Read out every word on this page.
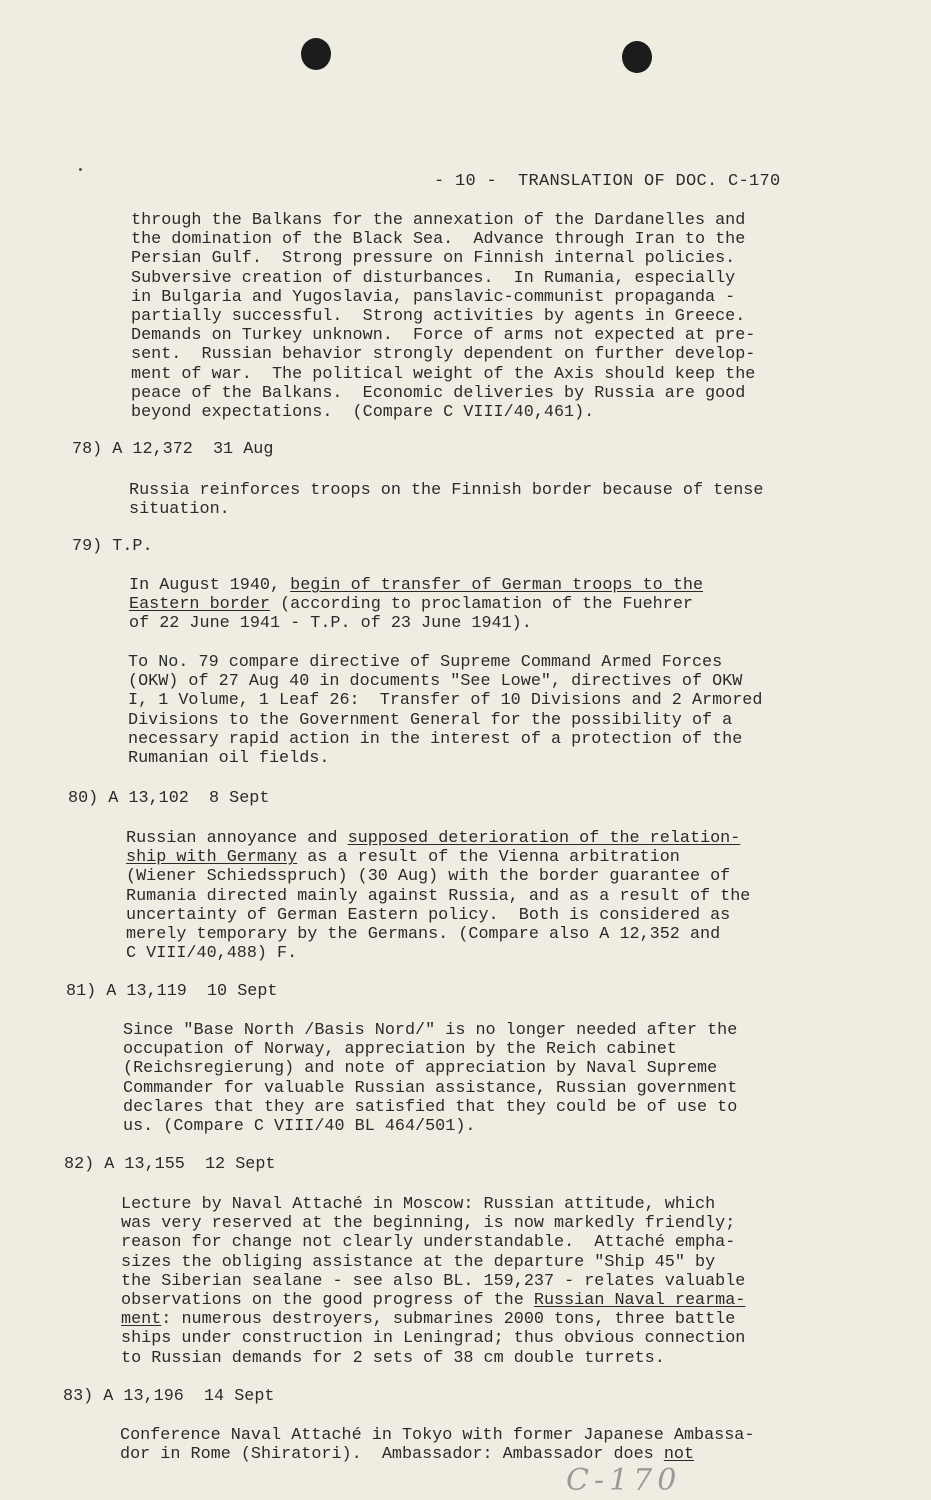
- 10 -  TRANSLATION OF DOC. C-170
through the Balkans for the annexation of the Dardanelles and
the domination of the Black Sea.  Advance through Iran to the
Persian Gulf.  Strong pressure on Finnish internal policies.
Subversive creation of disturbances.  In Rumania, especially
in Bulgaria and Yugoslavia, panslavic-communist propaganda -
partially successful.  Strong activities by agents in Greece.
Demands on Turkey unknown.  Force of arms not expected at pre-
sent.  Russian behavior strongly dependent on further develop-
ment of war.  The political weight of the Axis should keep the
peace of the Balkans.  Economic deliveries by Russia are good
beyond expectations.  (Compare C VIII/40,461).
78) A 12,372  31 Aug
Russia reinforces troops on the Finnish border because of tense
situation.
79) T.P.
In August 1940, begin of transfer of German troops to the
Eastern border (according to proclamation of the Fuehrer
of 22 June 1941 - T.P. of 23 June 1941).
To No. 79 compare directive of Supreme Command Armed Forces
(OKW) of 27 Aug 40 in documents "See Lowe", directives of OKW
I, 1 Volume, 1 Leaf 26:  Transfer of 10 Divisions and 2 Armored
Divisions to the Government General for the possibility of a
necessary rapid action in the interest of a protection of the
Rumanian oil fields.
80) A 13,102  8 Sept
Russian annoyance and supposed deterioration of the relation-
ship with Germany as a result of the Vienna arbitration
(Wiener Schiedsspruch) (30 Aug) with the border guarantee of
Rumania directed mainly against Russia, and as a result of the
uncertainty of German Eastern policy.  Both is considered as
merely temporary by the Germans. (Compare also A 12,352 and
C VIII/40,488) F.
81) A 13,119  10 Sept
Since "Base North /Basis Nord/" is no longer needed after the
occupation of Norway, appreciation by the Reich cabinet
(Reichsregierung) and note of appreciation by Naval Supreme
Commander for valuable Russian assistance, Russian government
declares that they are satisfied that they could be of use to
us. (Compare C VIII/40 BL 464/501).
82) A 13,155  12 Sept
Lecture by Naval Attaché in Moscow: Russian attitude, which
was very reserved at the beginning, is now markedly friendly;
reason for change not clearly understandable.  Attaché empha-
sizes the obliging assistance at the departure "Ship 45" by
the Siberian sealane - see also BL. 159,237 - relates valuable
observations on the good progress of the Russian Naval rearma-
ment: numerous destroyers, submarines 2000 tons, three battle
ships under construction in Leningrad; thus obvious connection
to Russian demands for 2 sets of 38 cm double turrets.
83) A 13,196  14 Sept
Conference Naval Attaché in Tokyo with former Japanese Ambassa-
dor in Rome (Shiratori).  Ambassador: Ambassador does not
C-170
